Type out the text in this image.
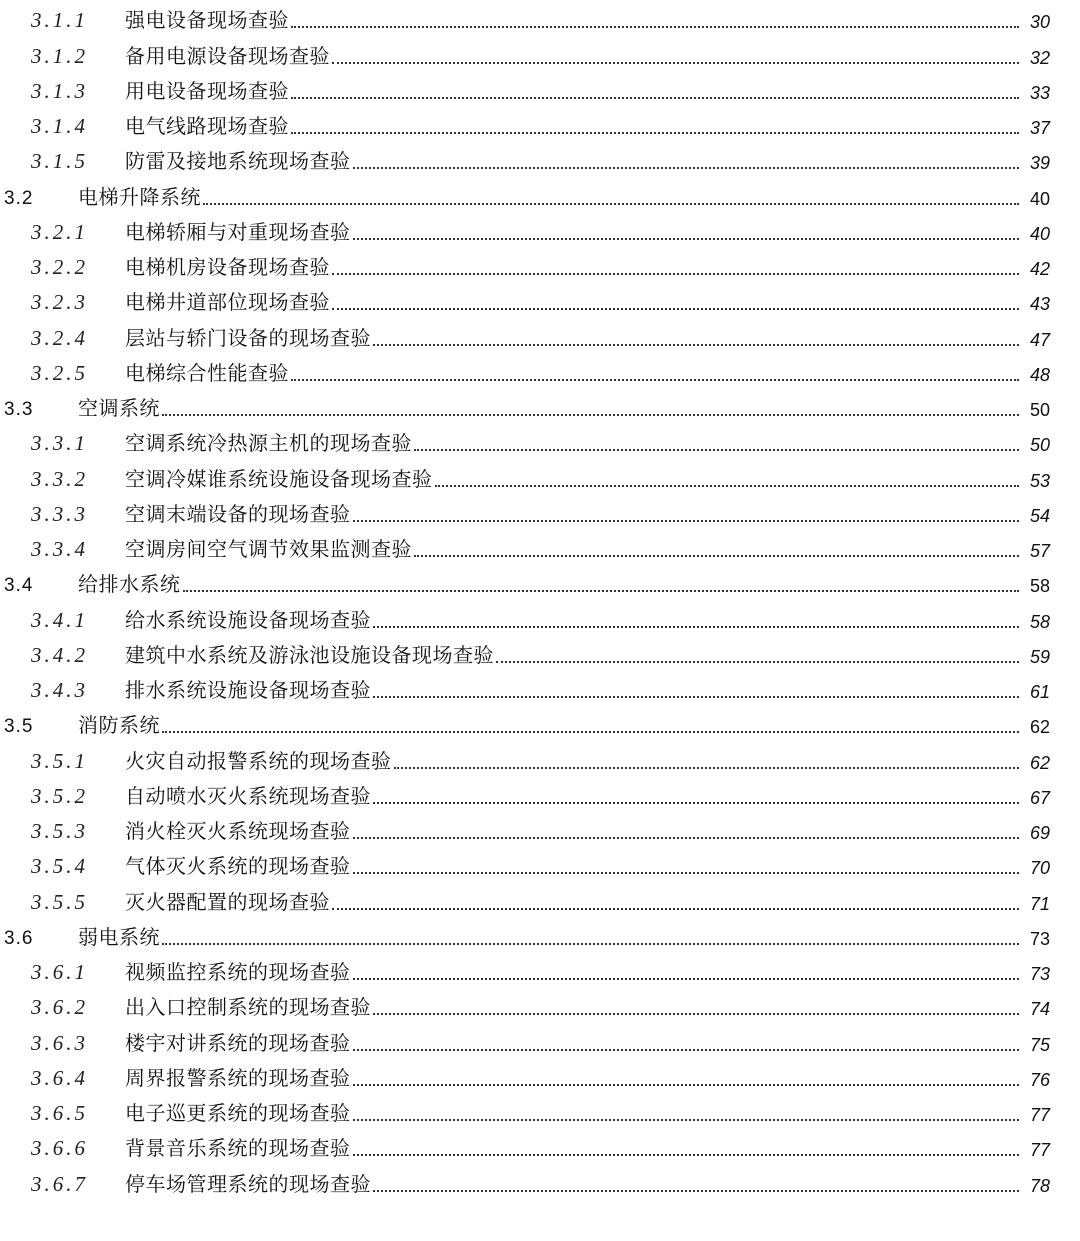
3.1.1	强电设备现场查验	30
3.1.2	备用电源设备现场查验	32
3.1.3	用电设备现场查验	33
3.1.4	电气线路现场查验	37
3.1.5	防雷及接地系统现场查验	39
3.2	电梯升降系统	40
3.2.1	电梯轿厢与对重现场查验	40
3.2.2	电梯机房设备现场查验	42
3.2.3	电梯井道部位现场查验	43
3.2.4	层站与轿门设备的现场查验	47
3.2.5	电梯综合性能查验	48
3.3	空调系统	50
3.3.1	空调系统冷热源主机的现场查验	50
3.3.2	空调冷媒谁系统设施设备现场查验	53
3.3.3	空调末端设备的现场查验	54
3.3.4	空调房间空气调节效果监测查验	57
3.4	给排水系统	58
3.4.1	给水系统设施设备现场查验	58
3.4.2	建筑中水系统及游泳池设施设备现场查验	59
3.4.3	排水系统设施设备现场查验	61
3.5	消防系统	62
3.5.1	火灾自动报警系统的现场查验	62
3.5.2	自动喷水灭火系统现场查验	67
3.5.3	消火栓灭火系统现场查验	69
3.5.4	气体灭火系统的现场查验	70
3.5.5	灭火器配置的现场查验	71
3.6	弱电系统	73
3.6.1	视频监控系统的现场查验	73
3.6.2	出入口控制系统的现场查验	74
3.6.3	楼宇对讲系统的现场查验	75
3.6.4	周界报警系统的现场查验	76
3.6.5	电子巡更系统的现场查验	77
3.6.6	背景音乐系统的现场查验	77
3.6.7	停车场管理系统的现场查验	78
